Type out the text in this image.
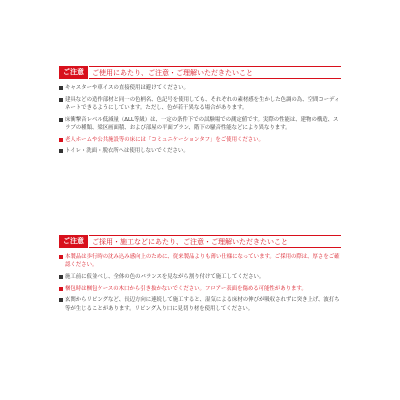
ご注意	ご使用にあたり、ご注意・ご理解いただきたいこと
キャスターや車イスの直接使用は避けてください。
建具などの造作部材と同一の色柄名、色記号を使用しても、それぞれの素材感を生かした色調の為、空間コーディネートできるようにしています。ただし、色が若干異なる場合があります。
床衝撃音レベル低減量（ΔLL等級）は、一定の条件下での試験場での測定値です。実際の性能は、建物の構造、スラブの種類、梁区画面積、および部屋の平面プラン、階下の騒音性能などにより異なります。
老人ホームや公共施設等の床には「コミュニケーションタフ」をご使用ください。
トイレ・洗面・脱衣所へは使用しないでください。
ご注意	ご採用・施工などにあたり、ご注意・ご理解いただきたいこと
本製品は歩行時の沈み込み感向上のために、従来製品よりも薄い仕様になっています。ご採用の際は、厚さをご確認ください。
施工前に仮並べし、全体の色のバランスを見ながら割り付けて施工してください。
梱包時は梱包ケースの木口から引き抜かないでください。フロアー表面を傷める可能性があります。
玄関からリビングなど、長辺方向に連続して施工すると、湿気による床材の伸びが吸収されずに突き上げ、波打ち等が生じることがあります。リビング入り口に見切り材を使用してください。
